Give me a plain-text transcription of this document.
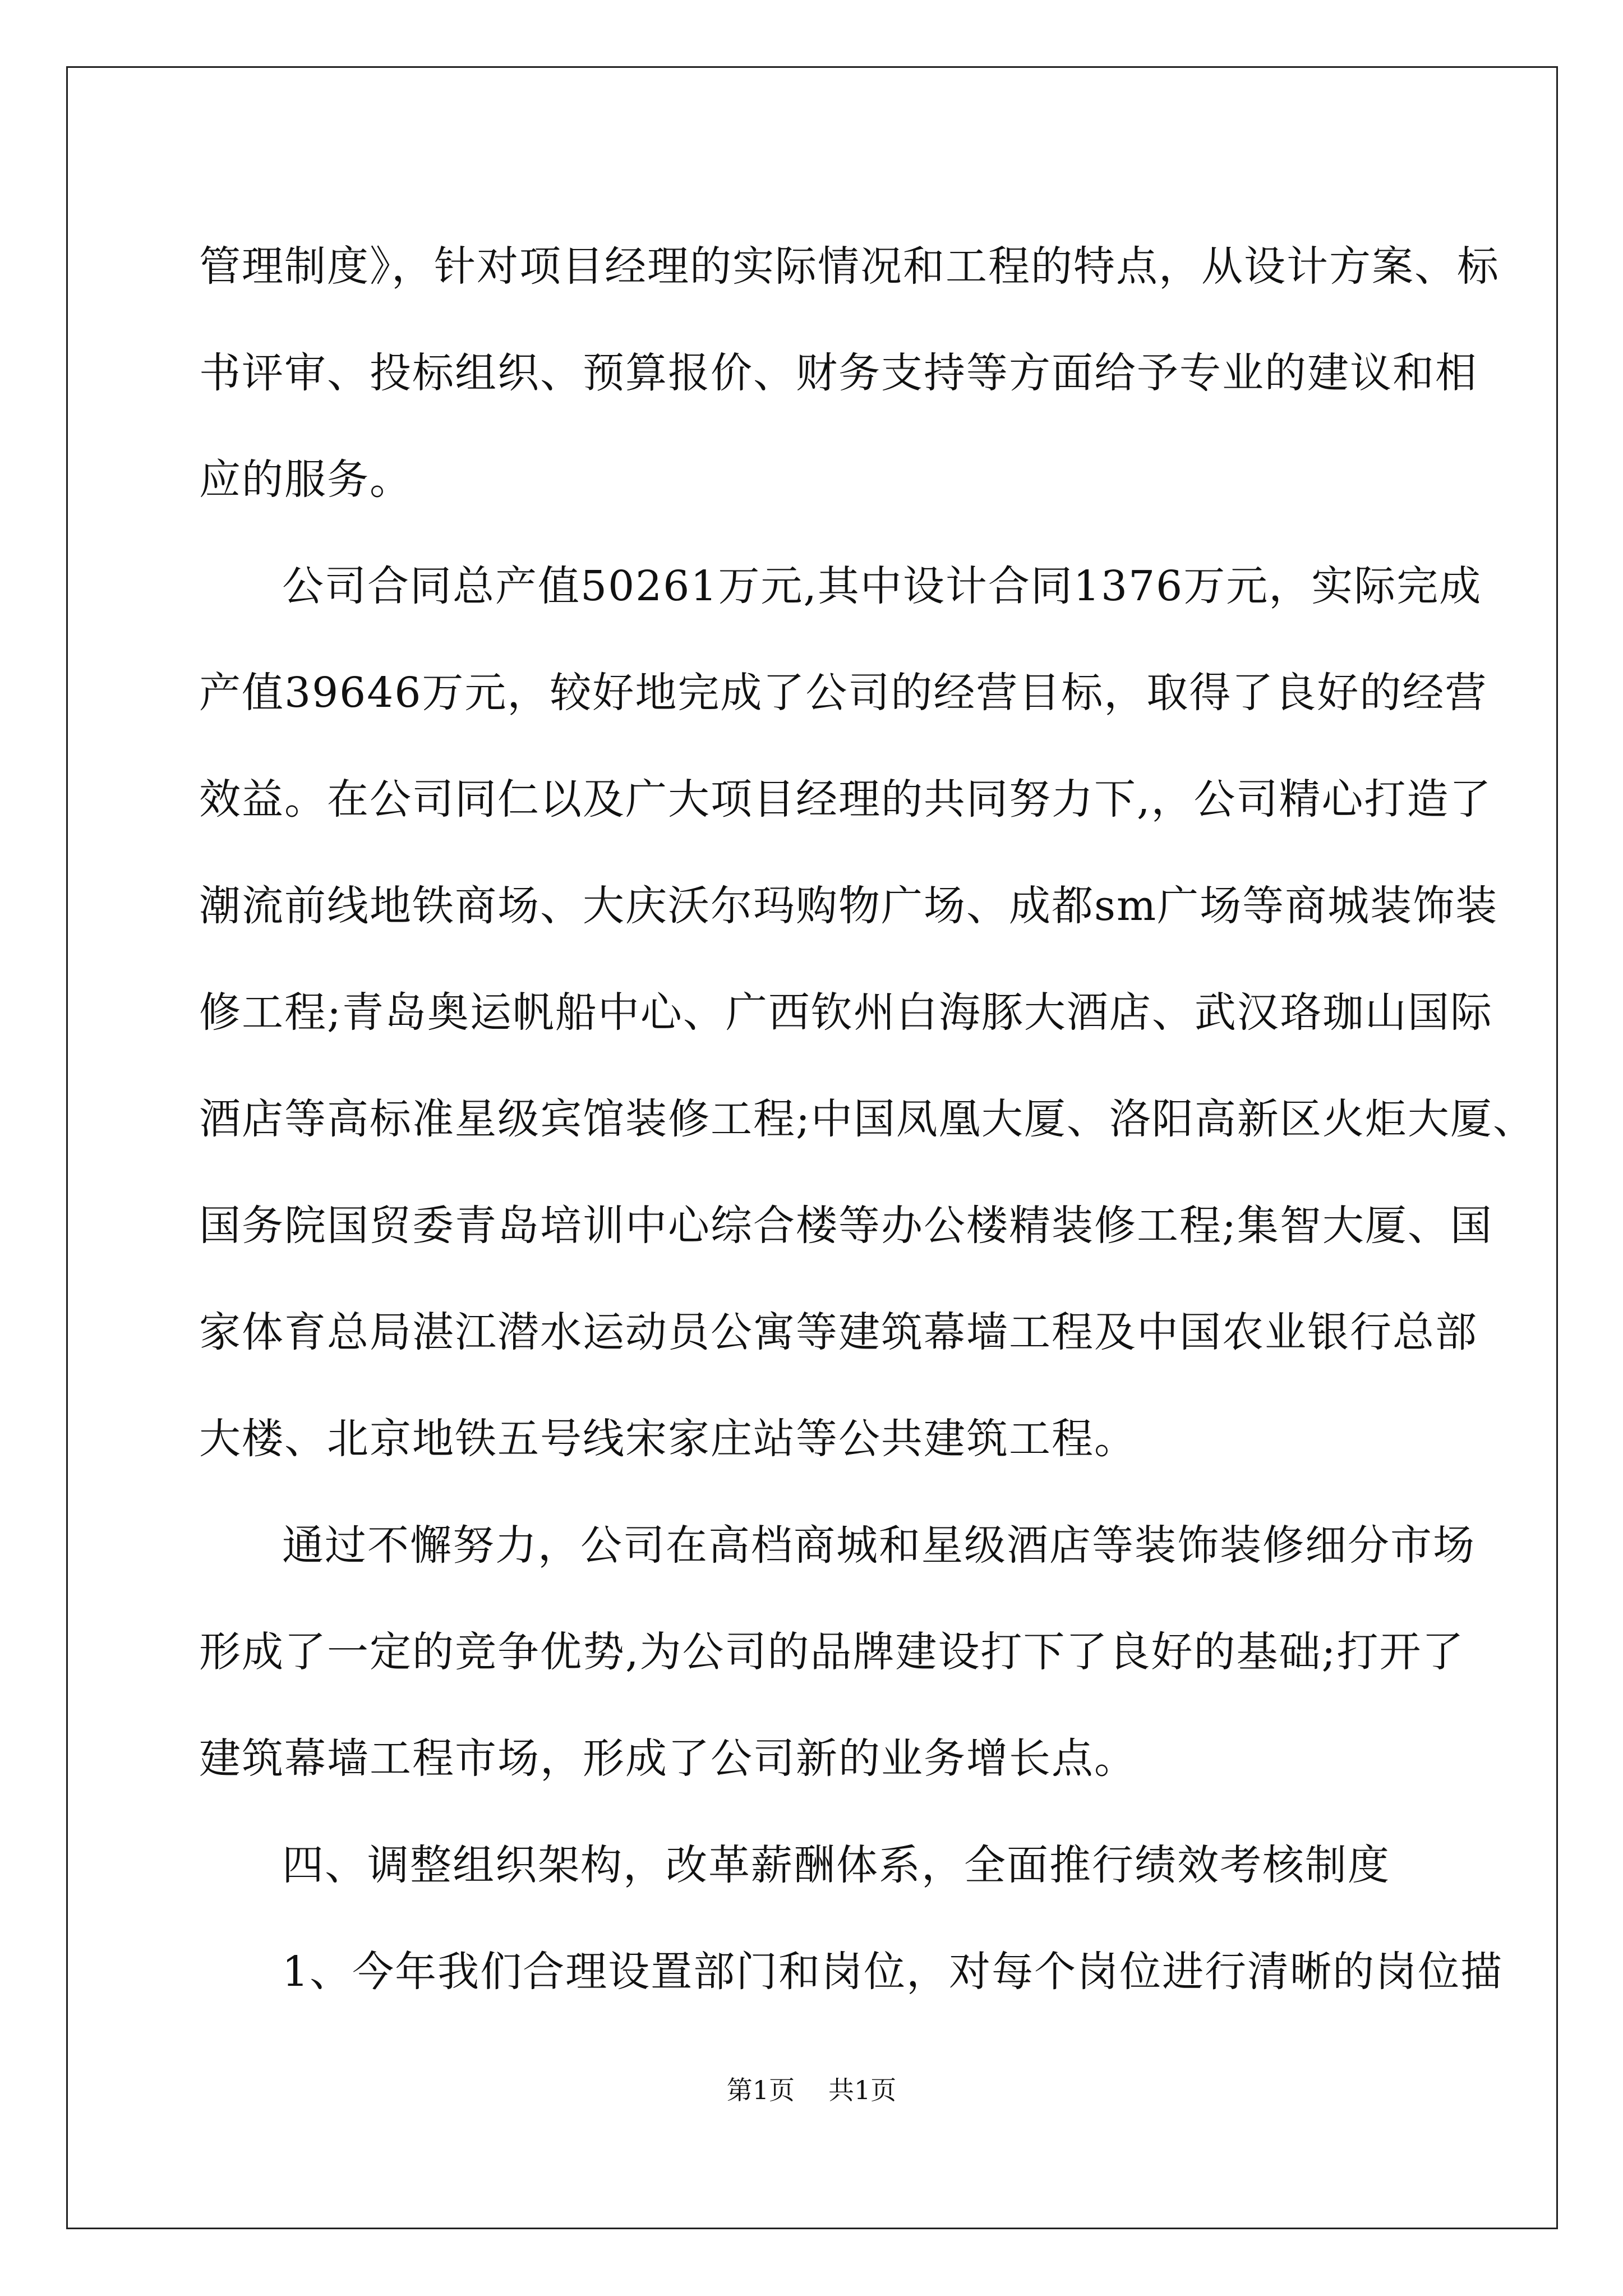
管理制度》，针对项目经理的实际情况和工程的特点，从设计方案、标
书评审、投标组织、预算报价、财务支持等方面给予专业的建议和相
应的服务。
公司合同总产值50261万元,其中设计合同1376万元，实际完成
产值39646万元，较好地完成了公司的经营目标，取得了良好的经营
效益。在公司同仁以及广大项目经理的共同努力下,，公司精心打造了
潮流前线地铁商场、大庆沃尔玛购物广场、成都sm广场等商城装饰装
修工程;青岛奥运帆船中心、广西钦州白海豚大酒店、武汉珞珈山国际
酒店等高标准星级宾馆装修工程;中国凤凰大厦、洛阳高新区火炬大厦、
国务院国贸委青岛培训中心综合楼等办公楼精装修工程;集智大厦、国
家体育总局湛江潜水运动员公寓等建筑幕墙工程及中国农业银行总部
大楼、北京地铁五号线宋家庄站等公共建筑工程。
通过不懈努力，公司在高档商城和星级酒店等装饰装修细分市场
形成了一定的竞争优势,为公司的品牌建设打下了良好的基础;打开了
建筑幕墙工程市场，形成了公司新的业务增长点。
四、调整组织架构，改革薪酬体系，全面推行绩效考核制度
1、今年我们合理设置部门和岗位，对每个岗位进行清晰的岗位描
第1页 共1页
